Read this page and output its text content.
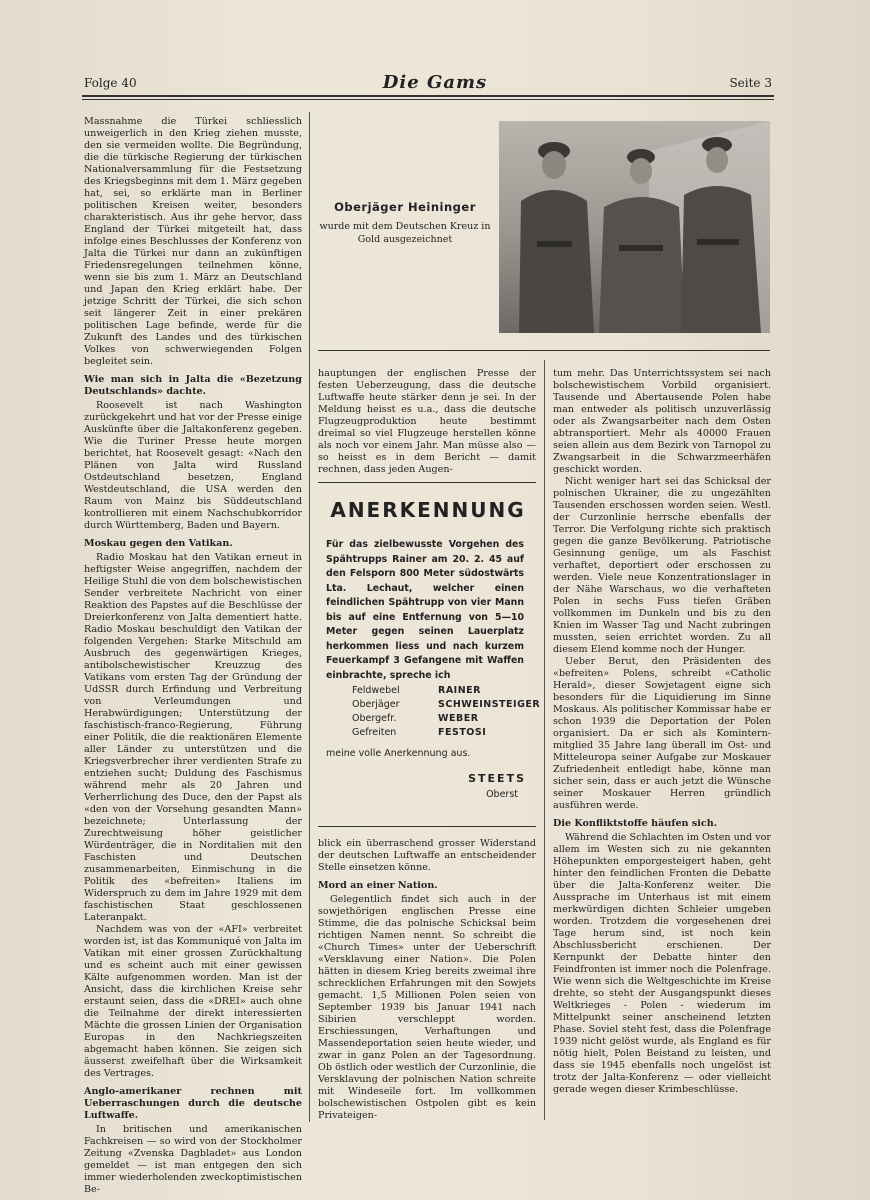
Folge 40	Die Gams	Seite 3

Massnahme die Türkei schliesslich unweigerlich in den Krieg ziehen musste, den sie vermeiden wollte. Die Begründung, die die türkische Regierung der türkischen Nationalversammlung für die Festsetzung des Kriegsbeginns mit dem 1. März gegeben hat, sei, so erklärte man in Berliner politischen Kreisen weiter, besonders charakteristisch. Aus ihr gehe hervor, dass England der Türkei mitgeteilt hat, dass infolge eines Beschlusses der Konferenz von Jalta die Türkei nur dann an zukünftigen Friedensregelungen teilnehmen könne, wenn sie bis zum 1. März an Deutschland und Japan den Krieg erklärt habe. Der jetzige Schritt der Türkei, die sich schon seit längerer Zeit in einer prekären politischen Lage befinde, werde für die Zukunft des Landes und des türkischen Volkes von schwerwiegenden Folgen begleitet sein.

Wie man sich in Jalta die «Bezetzung Deutschlands» dachte.

Roosevelt ist nach Washington zurückgekehrt und hat vor der Presse einige Auskünfte über die Jaltakonferenz gegeben. Wie die Turiner Presse heute morgen berichtet, hat Roosevelt gesagt: «Nach den Plänen von Jalta wird Russland Ostdeutschland besetzen, England Westdeutschland, die USA werden den Raum von Mainz bis Süddeutschland kontrollieren mit einem Nachschubkorridor durch Württemberg, Baden und Bayern.

Moskau gegen den Vatikan.

Radio Moskau hat den Vatikan erneut in heftigster Weise angegriffen, nachdem der Heilige Stuhl die von dem bolschewistischen Sender verbreitete Nachricht von einer Reaktion des Papstes auf die Beschlüsse der Dreierkonferenz von Jalta dementiert hatte. Radio Moskau beschuldigt den Vatikan der folgenden Vergehen: Starke Mitschuld am Ausbruch des gegenwärtigen Krieges, antibolschewistischer Kreuzzug des Vatikans vom ersten Tag der Gründung der UdSSR durch Erfindung und Verbreitung von Verleumdungen und Herabwürdigungen; Unterstützung der faschistisch-franco-Regierung, Führung einer Politik, die die reaktionären Elemente aller Länder zu unterstützen und die Kriegsverbrecher ihrer verdienten Strafe zu entziehen sucht; Duldung des Faschismus während mehr als 20 Jahren und Verherrlichung des Duce, den der Papst als «den von der Vorsehung gesandten Mann» bezeichnete; Unterlassung der Zurechtweisung höher geistlicher Würdenträger, die in Norditalien mit den Faschisten und Deutschen zusammenarbeiten, Einmischung in die Politik des «befreiten» Italiens im Widerspruch zu dem im Jahre 1929 mit dem faschistischen Staat geschlossenen Lateranpakt.

Nachdem was von der «AFI» verbreitet worden ist, ist das Kommuniqué von Jalta im Vatikan mit einer grossen Zurückhaltung und es scheint auch mit einer gewissen Kälte aufgenommen worden. Man ist der Ansicht, dass die kirchlichen Kreise sehr erstaunt seien, dass die «DREI» auch ohne die Teilnahme der direkt interessierten Mächte die grossen Linien der Organisation Europas in den Nachkriegszeiten abgemacht haben können. Sie zeigen sich äusserst zweifelhaft über die Wirksamkeit des Vertrages.

Anglo-amerikaner rechnen mit Ueberraschungen durch die deutsche Luftwaffe.

In britischen und amerikanischen Fachkreisen — so wird von der Stockholmer Zeitung «Zvenska Dagbladet» aus London gemeldet — ist man entgegen den sich immer wiederholenden zweckoptimistischen Be-

Oberjäger Heininger
wurde mit dem Deutschen Kreuz in Gold ausgezeichnet

hauptungen der englischen Presse der festen Ueberzeugung, dass die deutsche Luftwaffe heute stärker denn je sei. In der Meldung heisst es u.a., dass die deutsche Flugzeugproduktion heute bestimmt dreimal so viel Flugzeuge herstellen könne als noch vor einem Jahr. Man müsse also — so heisst es in dem Bericht — damit rechnen, dass jeden Augen-

ANERKENNUNG
Für das zielbewusste Vorgehen des Spähtrupps Rainer am 20. 2. 45 auf den Felsporn 800 Meter südostwärts Lta. Lechaut, welcher einen feindlichen Spähtrupp von vier Mann bis auf eine Entfernung von 5—10 Meter gegen seinen Lauerplatz herkommen liess und nach kurzem Feuerkampf 3 Gefangene mit Waffen einbrachte, spreche ich
Feldwebel	RAINER
Oberjäger	SCHWEINSTEIGER
Obergefr.	WEBER
Gefreiten	FESTOSI
meine volle Anerkennung aus.
STEETS
Oberst

blick ein überraschend grosser Widerstand der deutschen Luftwaffe an entscheidender Stelle einsetzen könne.

Mord an einer Nation.

Gelegentlich findet sich auch in der sowjethörigen englischen Presse eine Stimme, die das polnische Schicksal beim richtigen Namen nennt. So schreibt die «Church Times» unter der Ueberschrift «Versklavung einer Nation». Die Polen hätten in diesem Krieg bereits zweimal ihre schrecklichen Erfahrungen mit den Sowjets gemacht. 1,5 Millionen Polen seien von September 1939 bis Januar 1941 nach Sibirien verschleppt worden. Erschiessungen, Verhaftungen und Massendeportation seien heute wieder, und zwar in ganz Polen an der Tagesordnung. Ob östlich oder westlich der Curzonlinie, die Versklavung der polnischen Nation schreite mit Windeseile fort. Im vollkommen bolschewistischen Ostpolen gibt es kein Privateigen-

tum mehr. Das Unterrichtssystem sei nach bolschewistischem Vorbild organisiert. Tausende und Abertausende Polen habe man entweder als politisch unzuverlässig oder als Zwangsarbeiter nach dem Osten abtransportiert. Mehr als 40000 Frauen seien allein aus dem Bezirk von Tarnopol zu Zwangsarbeit in die Schwarzmeerhäfen geschickt worden.

Nicht weniger hart sei das Schicksal der polnischen Ukrainer, die zu ungezählten Tausenden erschossen worden seien. Westl. der Curzonlinie herrsche ebenfalls der Terror. Die Verfolgung richte sich praktisch gegen die ganze Bevölkerung. Patriotische Gesinnung genüge, um als Faschist verhaftet, deportiert oder erschossen zu werden. Viele neue Konzentrationslager in der Nähe Warschaus, wo die verhafteten Polen in sechs Fuss tiefen Gräben vollkommen im Dunkeln und bis zu den Knien im Wasser Tag und Nacht zubringen mussten, seien errichtet worden. Zu all diesem Elend komme noch der Hunger.

Ueber Berut, den Präsidenten des «befreiten» Polens, schreibt «Catholic Herald», dieser Sowjetagent eigne sich besonders für die Liquidierung im Sinne Moskaus. Als politischer Kommissar habe er schon 1939 die Deportation der Polen organisiert. Da er sich als Komintern-mitglied 35 Jahre lang überall im Ost- und Mitteleuropa seiner Aufgabe zur Moskauer Zufriedenheit entledigt habe, könne man sicher sein, dass er auch jetzt die Wünsche seiner Moskauer Herren gründlich ausführen werde.

Die Konfliktstoffe häufen sich.

Während die Schlachten im Osten und vor allem im Westen sich zu nie gekannten Höhepunkten emporgesteigert haben, geht hinter den feindlichen Fronten die Debatte über die Jalta-Konferenz weiter. Die Aussprache im Unterhaus ist mit einem merkwürdigen dichten Schleier umgeben worden. Trotzdem die vorgesehenen drei Tage herum sind, ist noch kein Abschlussbericht erschienen. Der Kernpunkt der Debatte hinter den Feindfronten ist immer noch die Polenfrage. Wie wenn sich die Weltgeschichte im Kreise drehte, so steht der Ausgangspunkt dieses Weltkrieges - Polen - wiederum im Mittelpunkt seiner anscheinend letzten Phase. Soviel steht fest, dass die Polenfrage 1939 nicht gelöst wurde, als England es für nötig hielt, Polen Beistand zu leisten, und dass sie 1945 ebenfalls noch ungelöst ist trotz der Jalta-Konferenz — oder vielleicht gerade wegen dieser Krimbeschlüsse.
